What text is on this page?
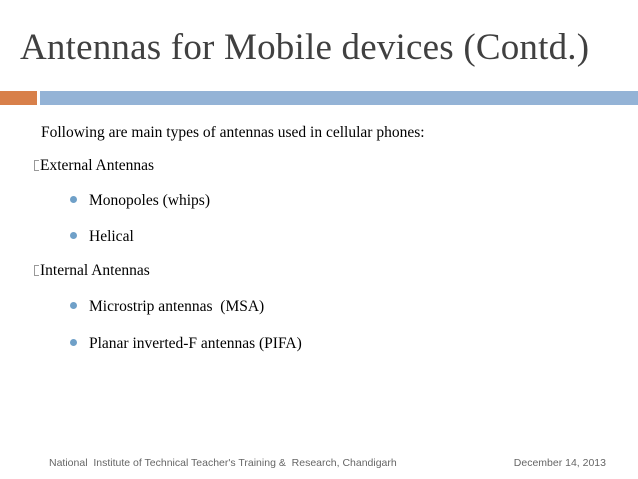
Antennas for Mobile devices (Contd.)
Following are main types of antennas used in cellular phones:
External Antennas
Monopoles (whips)
Helical
Internal Antennas
Microstrip antennas  (MSA)
Planar inverted-F antennas (PIFA)
National  Institute of Technical Teacher's Training &  Research, Chandigarh	December 14, 2013
